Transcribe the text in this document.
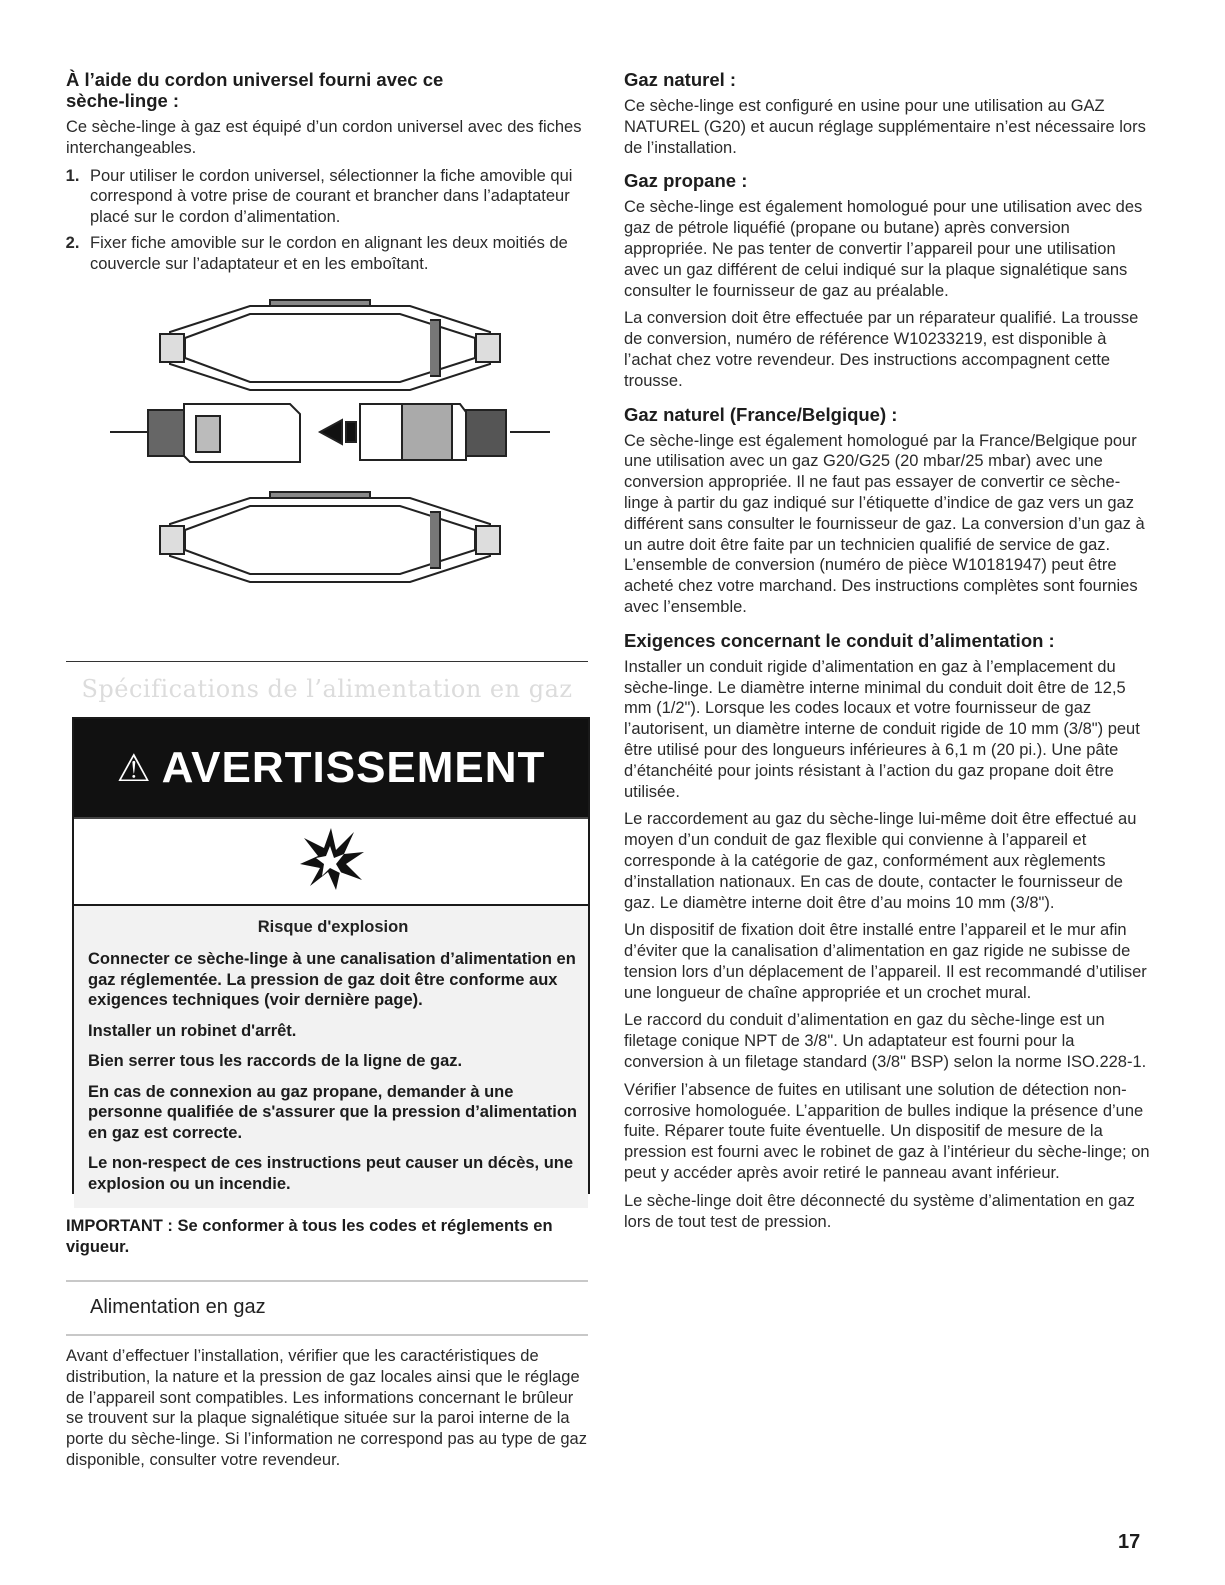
À l’aide du cordon universel fourni avec ce sèche-linge :

Ce sèche-linge à gaz est équipé d’un cordon universel avec des fiches interchangeables.

1. Pour utiliser le cordon universel, sélectionner la fiche amovible qui correspond à votre prise de courant et brancher dans l’adaptateur placé sur le cordon d’alimentation.
2. Fixer fiche amovible sur le cordon en alignant les deux moitiés de couvercle sur l’adaptateur et en les emboîtant.
Spécifications de l’alimentation en gaz
⚠ AVERTISSEMENT
Risque d'explosion

Connecter ce sèche-linge à une canalisation d’alimentation en gaz réglementée. La pression de gaz doit être conforme aux exigences techniques (voir dernière page).

Installer un robinet d'arrêt.

Bien serrer tous les raccords de la ligne de gaz.

En cas de connexion au gaz propane, demander à une personne qualifiée de s'assurer que la pression d’alimentation en gaz est correcte.

Le non-respect de ces instructions peut causer un décès, une explosion ou un incendie.

IMPORTANT : Se conformer à tous les codes et réglements en vigueur.

Alimentation en gaz

Avant d’effectuer l’installation, vérifier que les caractéristiques de distribution, la nature et la pression de gaz locales ainsi que le réglage de l’appareil sont compatibles. Les informations concernant le brûleur se trouvent sur la plaque signalétique située sur la paroi interne de la porte du sèche-linge. Si l’information ne correspond pas au type de gaz disponible, consulter votre revendeur.

Gaz naturel :

Ce sèche-linge est configuré en usine pour une utilisation au GAZ NATUREL (G20) et aucun réglage supplémentaire n’est nécessaire lors de l’installation.

Gaz propane :

Ce sèche-linge est également homologué pour une utilisation avec des gaz de pétrole liquéfié (propane ou butane) après conversion appropriée. Ne pas tenter de convertir l’appareil pour une utilisation avec un gaz différent de celui indiqué sur la plaque signalétique sans consulter le fournisseur de gaz au préalable.

La conversion doit être effectuée par un réparateur qualifié. La trousse de conversion, numéro de référence W10233219, est disponible à l’achat chez votre revendeur. Des instructions accompagnent cette trousse.

Gaz naturel (France/Belgique) :

Ce sèche-linge est également homologué par la France/Belgique pour une utilisation avec un gaz G20/G25 (20 mbar/25 mbar) avec une conversion appropriée. Il ne faut pas essayer de convertir ce sèche-linge à partir du gaz indiqué sur l’étiquette d’indice de gaz vers un gaz différent sans consulter le fournisseur de gaz. La conversion d’un gaz à un autre doit être faite par un technicien qualifié de service de gaz. L’ensemble de conversion (numéro de pièce W10181947) peut être acheté chez votre marchand. Des instructions complètes sont fournies avec l’ensemble.

Exigences concernant le conduit d’alimentation :

Installer un conduit rigide d’alimentation en gaz à l’emplacement du sèche-linge. Le diamètre interne minimal du conduit doit être de 12,5 mm (1/2"). Lorsque les codes locaux et votre fournisseur de gaz l’autorisent, un diamètre interne de conduit rigide de 10 mm (3/8") peut être utilisé pour des longueurs inférieures à 6,1 m (20 pi.). Une pâte d’étanchéité pour joints résistant à l’action du gaz propane doit être utilisée.

Le raccordement au gaz du sèche-linge lui-même doit être effectué au moyen d’un conduit de gaz flexible qui convienne à l’appareil et corresponde à la catégorie de gaz, conformément aux règlements d’installation nationaux. En cas de doute, contacter le fournisseur de gaz. Le diamètre interne doit être d’au moins 10 mm (3/8").

Un dispositif de fixation doit être installé entre l’appareil et le mur afin d’éviter que la canalisation d’alimentation en gaz rigide ne subisse de tension lors d’un déplacement de l’appareil. Il est recommandé d’utiliser une longueur de chaîne appropriée et un crochet mural.

Le raccord du conduit d’alimentation en gaz du sèche-linge est un filetage conique NPT de 3/8". Un adaptateur est fourni pour la conversion à un filetage standard (3/8" BSP) selon la norme ISO.228-1.

Vérifier l’absence de fuites en utilisant une solution de détection non-corrosive homologuée. L’apparition de bulles indique la présence d’une fuite. Réparer toute fuite éventuelle. Un dispositif de mesure de la pression est fourni avec le robinet de gaz à l’intérieur du sèche-linge; on peut y accéder après avoir retiré le panneau avant inférieur.

Le sèche-linge doit être déconnecté du système d’alimentation en gaz lors de tout test de pression.

17
